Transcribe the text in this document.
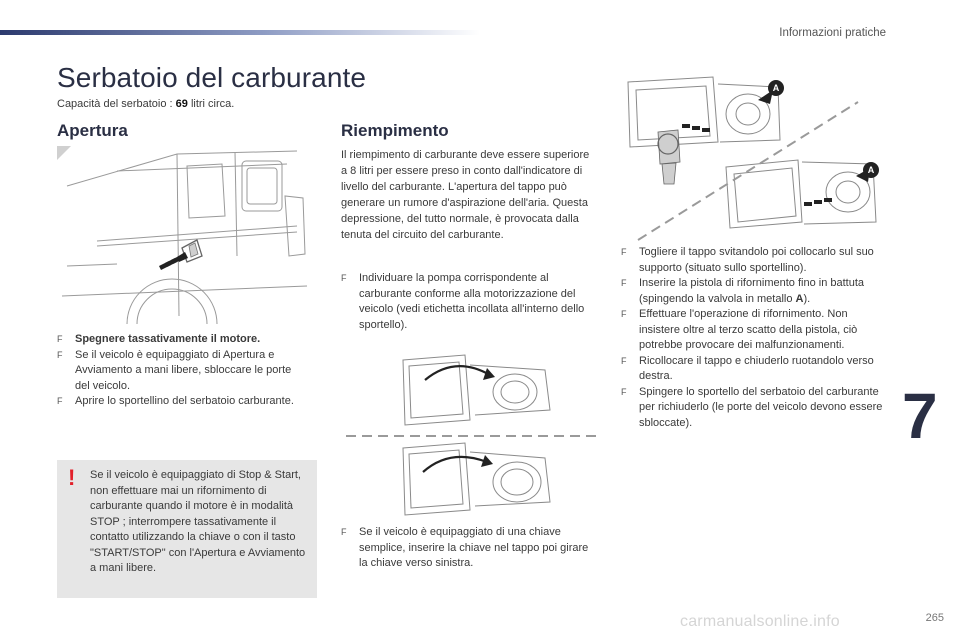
Informazioni pratiche
Serbatoio del carburante
Capacità del serbatoio : 69 litri circa.
Apertura
F Spegnere tassativamente il motore.
F Se il veicolo è equipaggiato di Apertura e Avviamento a mani libere, sbloccare le porte del veicolo.
F Aprire lo sportellino del serbatoio carburante.
! Se il veicolo è equipaggiato di Stop & Start, non effettuare mai un rifornimento di carburante quando il motore è in modalità STOP ; interrompere tassativamente il contatto utilizzando la chiave o con il tasto "START/STOP" con l'Apertura e Avviamento a mani libere.
Riempimento

Il riempimento di carburante deve essere superiore a 8 litri per essere preso in conto dall'indicatore di livello del carburante. L'apertura del tappo può generare un rumore d'aspirazione dell'aria. Questa depressione, del tutto normale, è provocata dalla tenuta del circuito del carburante.

F Individuare la pompa corrispondente al carburante conforme alla motorizzazione del veicolo (vedi etichetta incollata all'interno dello sportello).
F Se il veicolo è equipaggiato di una chiave semplice, inserire la chiave nel tappo poi girare la chiave verso sinistra.
A
A
F Togliere il tappo svitandolo poi collocarlo sul suo supporto (situato sullo sportellino).
F Inserire la pistola di rifornimento fino in battuta (spingendo la valvola in metallo A).
F Effettuare l'operazione di rifornimento. Non insistere oltre al terzo scatto della pistola, ciò potrebbe provocare dei malfunzionamenti.
F Ricollocare il tappo e chiuderlo ruotandolo verso destra.
F Spingere lo sportello del serbatoio del carburante per richiuderlo (le porte del veicolo devono essere sbloccate).	7
carmanualsonline.info	265
